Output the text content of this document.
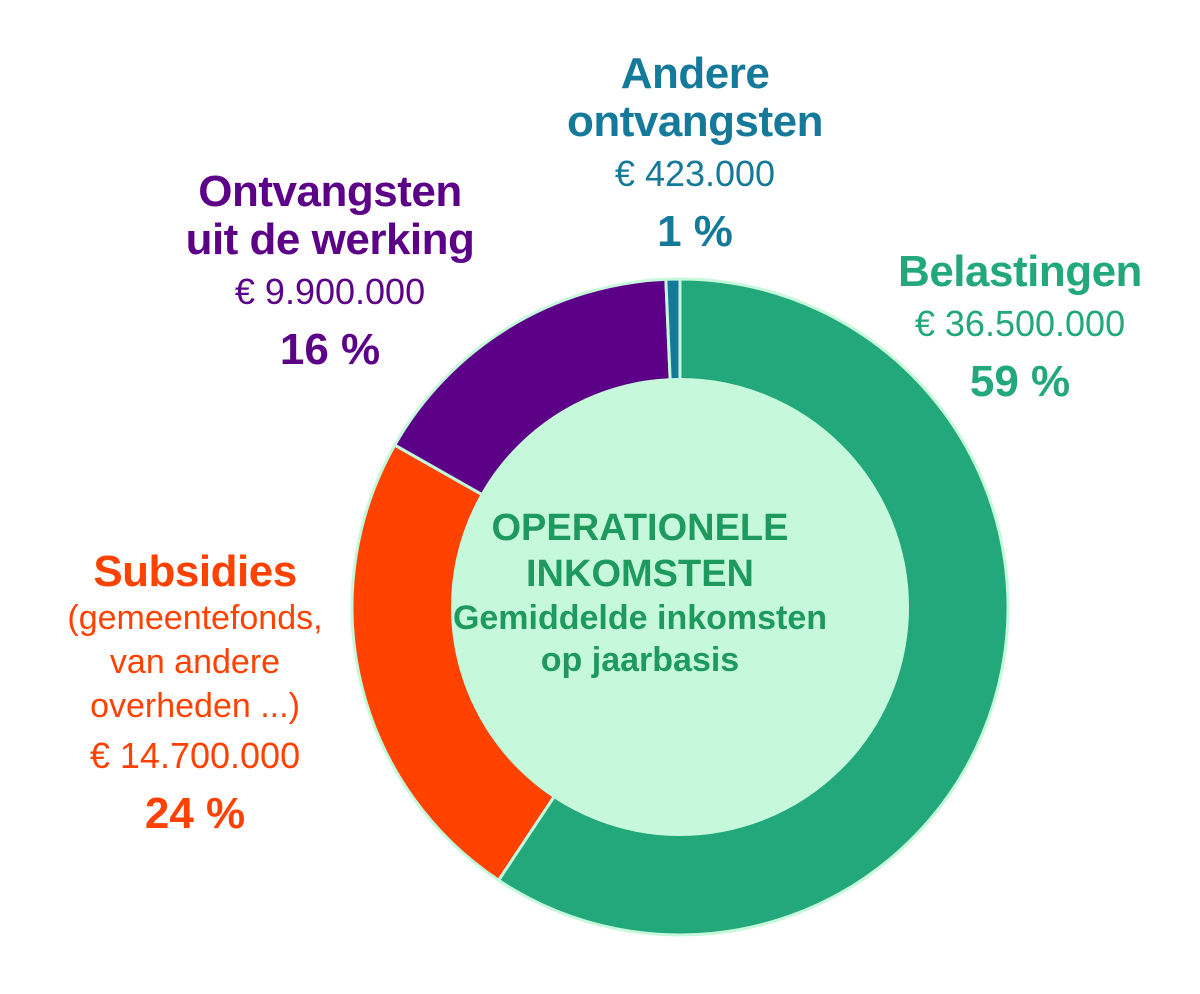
OPERATIONELE INKOMSTEN
Gemiddelde inkomsten op jaarbasis
Andere
ontvangsten
€ 423.000
1 %
Ontvangsten
uit de werking
€ 9.900.000
16 %
Belastingen
€ 36.500.000
59 %
Subsidies
(gemeentefonds,
van andere
overheden ...)
€ 14.700.000
24 %
